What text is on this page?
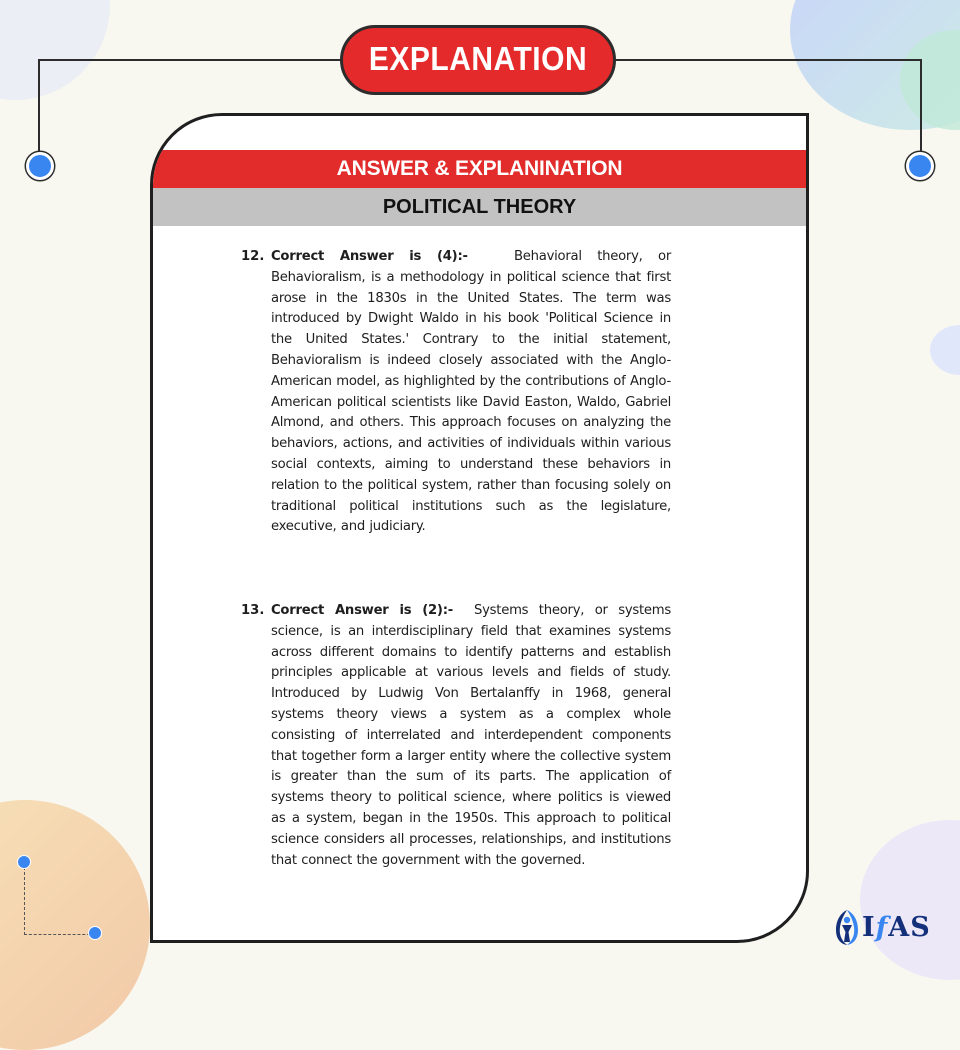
EXPLANATION
ANSWER & EXPLANINATION
POLITICAL THEORY
12. Correct Answer is (4):-	Behavioral theory, or Behavioralism, is a methodology in political science that first arose in the 1830s in the United States. The term was introduced by Dwight Waldo in his book 'Political Science in the United States.' Contrary to the initial statement, Behavioralism is indeed closely associated with the Anglo-American model, as highlighted by the contributions of Anglo-American political scientists like David Easton, Waldo, Gabriel Almond, and others. This approach focuses on analyzing the behaviors, actions, and activities of individuals within various social contexts, aiming to understand these behaviors in relation to the political system, rather than focusing solely on traditional political institutions such as the legislature, executive, and judiciary.

13. Correct Answer is (2):- Systems theory, or systems science, is an interdisciplinary field that examines systems across different domains to identify patterns and establish principles applicable at various levels and fields of study. Introduced by Ludwig Von Bertalanffy in 1968, general systems theory views a system as a complex whole consisting of interrelated and interdependent components that together form a larger entity where the collective system is greater than the sum of its parts. The application of systems theory to political science, where politics is viewed as a system, began in the 1950s. This approach to political science considers all processes, relationships, and institutions that connect the government with the governed.

IfAS
